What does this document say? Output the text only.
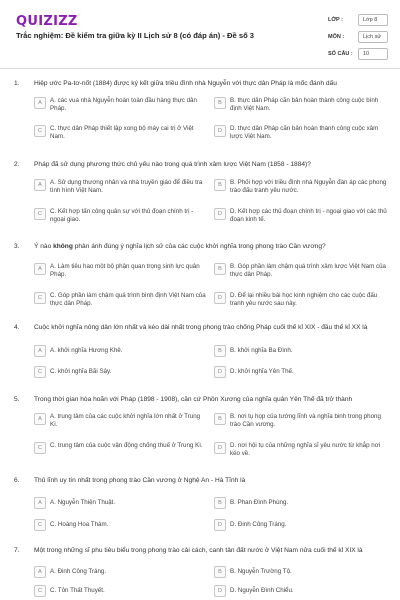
QUIZIZZ
Trắc nghiệm: Đề kiểm tra giữa kỳ II Lịch sử 8 (có đáp án) - Đề số 3
LỚP :	Lớp 8
MÔN :	Lịch sử
SỐ CÂU :	10
1. Hiệp ước Pa-tơ-nốt (1884) được ký kết giữa triều đình nhà Nguyễn với thực dân Pháp là mốc đánh dấu
A	A. các vua nhà Nguyễn hoàn toàn đầu hàng thực dân Pháp.
B	B. thực dân Pháp căn bản hoàn thành công cuộc bình định Việt Nam.
C	C. thực dân Pháp thiết lập xong bộ máy cai trị ở Việt Nam.
D	D. thực dân Pháp căn bản hoàn thành công cuộc xâm lược Việt Nam.
2. Pháp đã sử dụng phương thức chủ yếu nào trong quá trình xâm lược Việt Nam (1858 - 1884)?
A	A. Sử dụng thương nhân và nhà truyền giáo để điều tra tình hình Việt Nam.
B	B. Phối hợp với triều đình nhà Nguyễn đàn áp các phong trào đấu tranh yêu nước.
C	C. Kết hợp tấn công quân sự với thủ đoạn chính trị - ngoại giao.
D	D. Kết hợp các thủ đoạn chính trị - ngoại giao với các thủ đoạn kinh tế.
3. Ý nào không phản ánh đúng ý nghĩa lịch sử của các cuộc khởi nghĩa trong phong trào Cần vương?
A	A. Làm tiêu hao một bộ phận quan trọng sinh lực quân Pháp.
B	B. Góp phần làm chậm quá trình xâm lược Việt Nam của thực dân Pháp.
C	C. Góp phần làm chậm quá trình bình định Việt Nam của thực dân Pháp.
D	D. Để lại nhiều bài học kinh nghiệm cho các cuộc đấu tranh yêu nước sau này.
4. Cuộc khởi nghĩa nông dân lớn nhất và kéo dài nhất trong phong trào chống Pháp cuối thế kỉ XIX - đầu thế kỉ XX là
A	A. khởi nghĩa Hương Khê.	B	B. khởi nghĩa Ba Đình.
C	C. khởi nghĩa Bãi Sậy.	D	D. khởi nghĩa Yên Thế.
5. Trong thời gian hòa hoãn với Pháp (1898 - 1908), căn cứ Phồn Xương của nghĩa quân Yên Thế đã trở thành
A	A. trung tâm của các cuộc khởi nghĩa lớn nhất ở Trung Kì.
B	B. nơi tụ họp của tướng lĩnh và nghĩa binh trong phong trào Cần vương.
C	C. trung tâm của cuộc vận động chống thuế ở Trung Kì.	D	D. nơi hội tụ của những nghĩa sĩ yêu nước từ khắp nơi kéo về.
6. Thủ lĩnh uy tín nhất trong phong trào Cần vương ở Nghệ An - Hà Tĩnh là
A	A. Nguyễn Thiện Thuật.	B	B. Phan Đình Phùng.
C	C. Hoàng Hoa Thám.	D	D. Đinh Công Tráng.
7. Một trong những sĩ phu tiêu biểu trong phong trào cải cách, canh tân đất nước ở Việt Nam nửa cuối thế kỉ XIX là
A	A. Đinh Công Tráng.	B	B. Nguyễn Trường Tộ.
C	C. Tôn Thất Thuyết.	D	D. Nguyễn Đình Chiểu.
